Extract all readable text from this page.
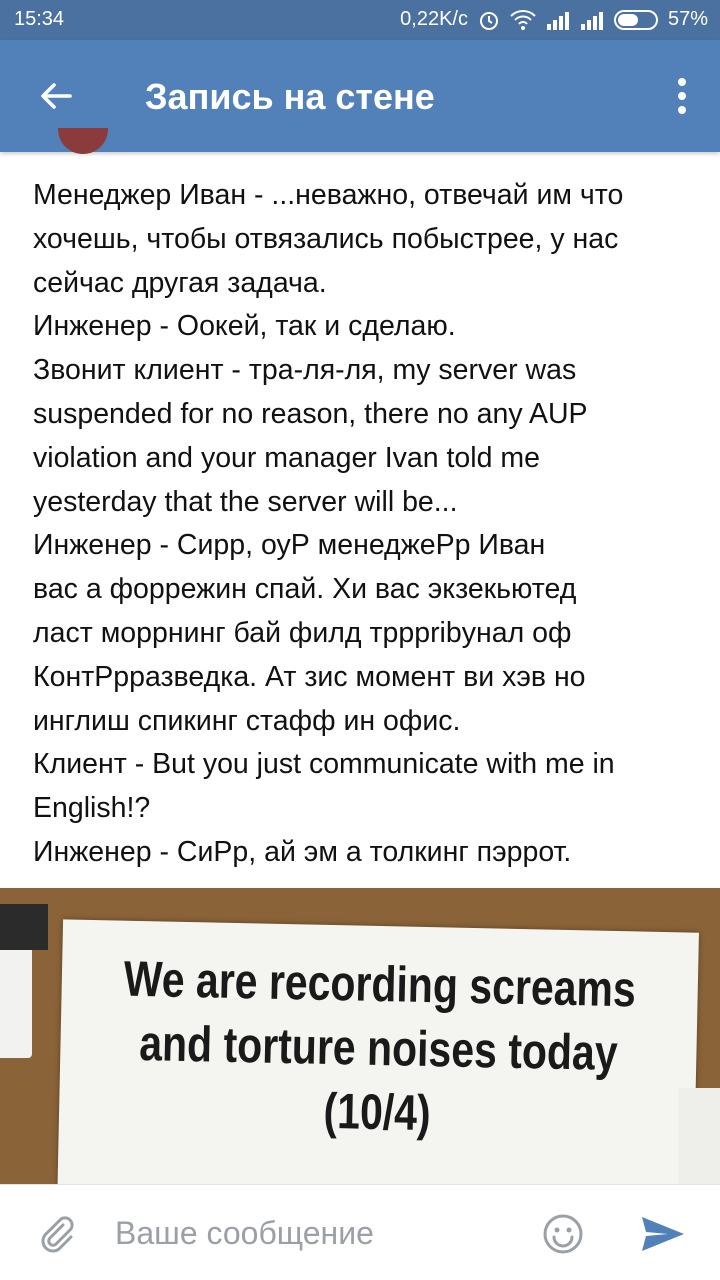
15:34	0,22K/c	57%
Запись на стене
Менеджер Иван - ...неважно, отвечай им что
хочешь, чтобы отвязались побыстрее, у нас
сейчас другая задача.
Инженер - Оокей, так и сделаю.
Звонит клиент - тра-ля-ля, my server was
suspended for no reason, there no any AUP
violation and your manager Ivan told me
yesterday that the server will be...
Инженер - Сирр, оуР менеджеРр Иван
вас а форрежин спай. Хи вас экзекьютед
ласт моррнинг бай филд трррribунал оф
КонтРрразведка. Ат зис момент ви хэв но
инглиш спикинг стафф ин офис.
Клиент - But you just communicate with me in
English!?
Инженер - СиРр, ай эм а толкинг пэррот.
We are recording screams
and torture noises today
(10/4)
Ваше сообщение
